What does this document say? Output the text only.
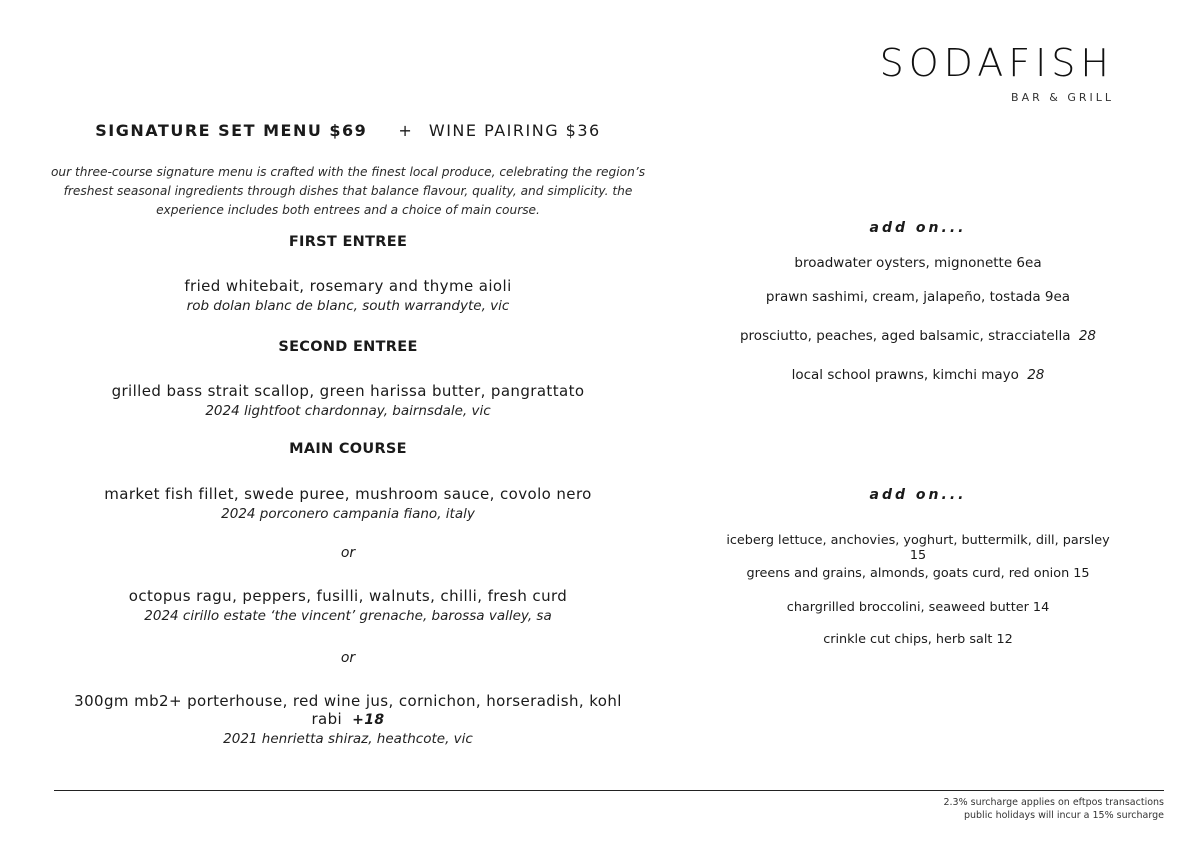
SODAFISH
BAR & GRILL
SIGNATURE SET MENU $69 + WINE PAIRING $36
our three-course signature menu is crafted with the finest local produce, celebrating the region’s
freshest seasonal ingredients through dishes that balance flavour, quality, and simplicity. the
experience includes both entrees and a choice of main course.
FIRST ENTREE
fried whitebait, rosemary and thyme aioli
rob dolan blanc de blanc, south warrandyte, vic
SECOND ENTREE
grilled bass strait scallop, green harissa butter, pangrattato
2024 lightfoot chardonnay, bairnsdale, vic
MAIN COURSE
market fish fillet, swede puree, mushroom sauce, covolo nero
2024 porconero campania fiano, italy
or
octopus ragu, peppers, fusilli, walnuts, chilli, fresh curd
2024 cirillo estate ‘the vincent’ grenache, barossa valley, sa
or
300gm mb2+ porterhouse, red wine jus, cornichon, horseradish, kohl rabi +18
2021 henrietta shiraz, heathcote, vic
add on...
broadwater oysters, mignonette 6ea
prawn sashimi, cream, jalapeño, tostada 9ea
prosciutto, peaches, aged balsamic, stracciatella 28
local school prawns, kimchi mayo 28
add on...
iceberg lettuce, anchovies, yoghurt, buttermilk, dill, parsley 15
greens and grains, almonds, goats curd, red onion 15
chargrilled broccolini, seaweed butter 14
crinkle cut chips, herb salt 12
2.3% surcharge applies on eftpos transactions
public holidays will incur a 15% surcharge
